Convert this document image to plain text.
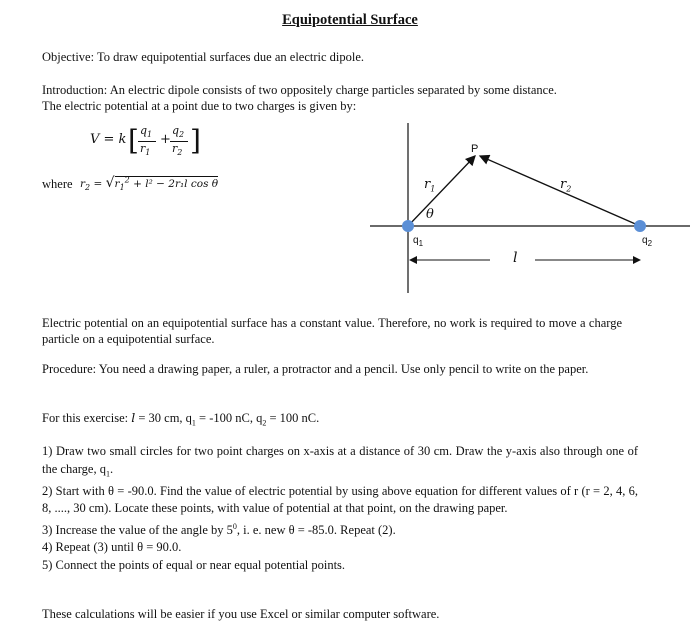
Equipotential Surface
Objective: To draw equipotential surfaces due an electric dipole.
Introduction: An electric dipole consists of two oppositely charge particles separated by some distance.
The electric potential at a point due to two charges is given by:
V = k [ $q_1$
$r_1$
+
$q_2$
$r_2$ ]
where $r_2 = √r_1^2 + l^2 - 2r_1l$ cos θ
P
$r_1$	$r_2$
θ
$q_1$	$q_2$
l
Electric potential on an equipotential surface has a constant value. Therefore, no work is required to move a charge particle on a equipotential surface.
Procedure: You need a drawing paper, a ruler, a protractor and a pencil. Use only pencil to write on the paper.
For this exercise: l = 30 cm, $q_1 = -100$ nC, $q_2 = 100$ nC.
1) Draw two small circles for two point charges on x-axis at a distance of 30 cm. Draw the y-axis also through one of the charge, $q_1$.
2) Start with θ = -90.0. Find the value of electric potential by using above equation for different values of r (r = 2, 4, 6, 8, ...., 30 cm). Locate these points, with value of potential at that point, on the drawing paper.
3) Increase the value of the angle by $5^0$, i. e. new θ = -85.0. Repeat (2).
4) Repeat (3) until θ = 90.0.
5) Connect the points of equal or near equal potential points.
These calculations will be easier if you use Excel or similar computer software.
